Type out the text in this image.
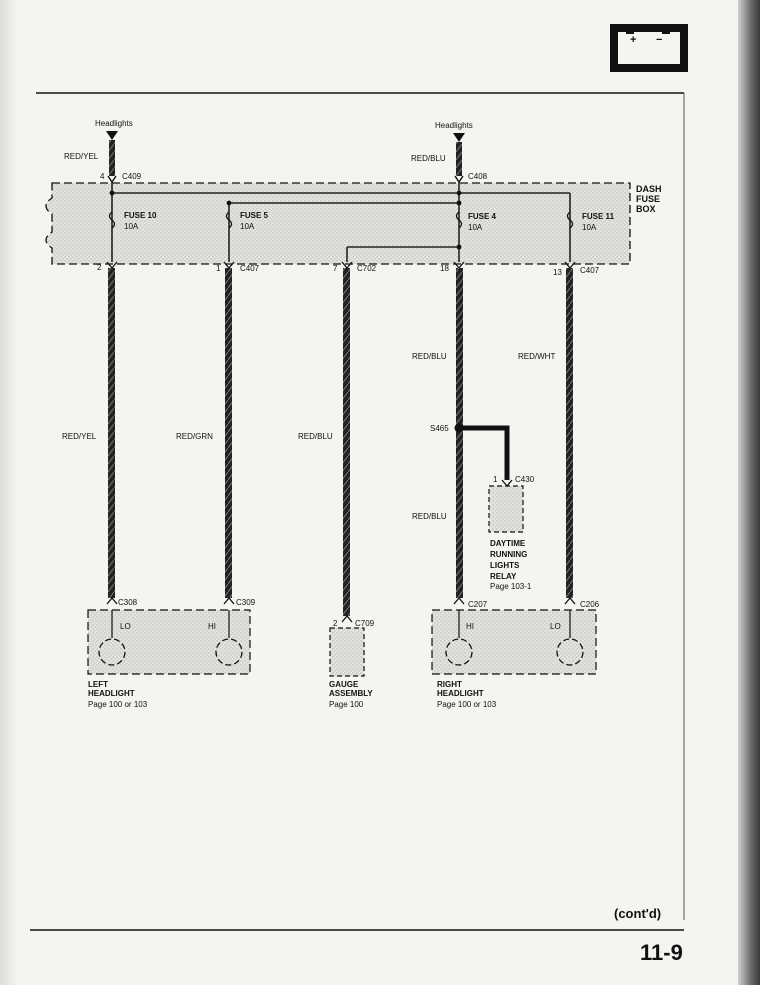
+ −
Headlights
RED/YEL
4 C409
Headlights
RED/BLU
C408
FUSE 10
10A
FUSE 5
10A
FUSE 4
10A
FUSE 11
10A
DASH
FUSE
BOX
2	1 C407	7 C702	18	13 C407
RED/YEL	RED/GRN	RED/BLU
RED/BLU
RED/BLU
RED/WHT
S465
1 C430
DAYTIME
RUNNING
LIGHTS
RELAY
Page 103-1
C308	C309
LO	HI
LEFT
HEADLIGHT
Page 100 or 103
2 C709
GAUGE
ASSEMBLY
Page 100
C207	C206
HI	LO
RIGHT
HEADLIGHT
Page 100 or 103
(cont'd)
11-9
